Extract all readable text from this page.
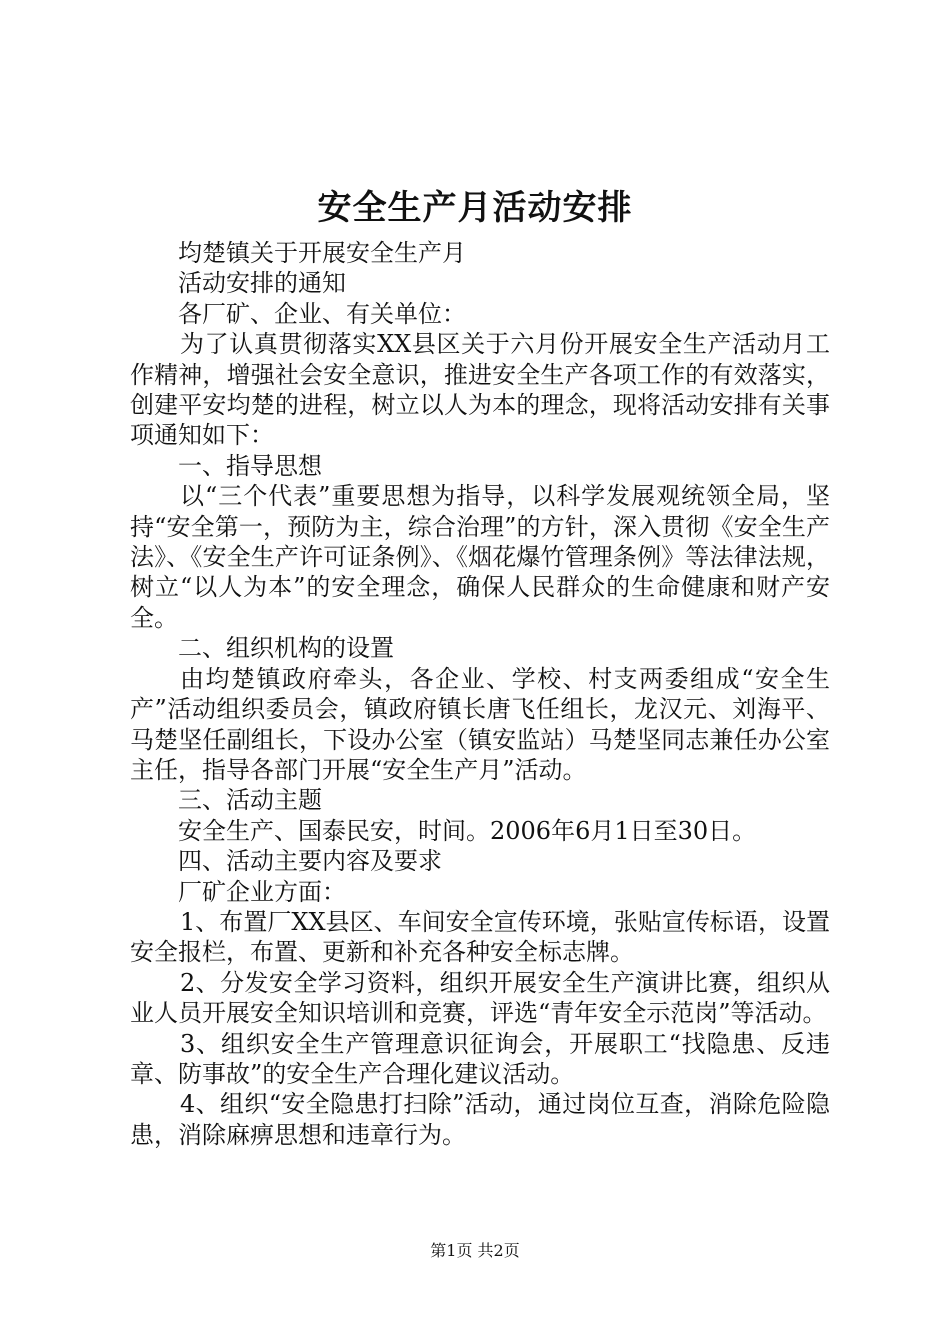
安全生产月活动安排

均楚镇关于开展安全生产月

活动安排的通知

各厂矿、企业、有关单位：

为了认真贯彻落实XX县区关于六月份开展安全生产活动月工作精神，增强社会安全意识，推进安全生产各项工作的有效落实，创建平安均楚的进程，树立以人为本的理念，现将活动安排有关事项通知如下：

一、指导思想

以“三个代表”重要思想为指导，以科学发展观统领全局，坚持“安全第一，预防为主，综合治理”的方针，深入贯彻《安全生产法》、《安全生产许可证条例》、《烟花爆竹管理条例》等法律法规，树立“以人为本”的安全理念，确保人民群众的生命健康和财产安全。

二、组织机构的设置

由均楚镇政府牵头，各企业、学校、村支两委组成“安全生产”活动组织委员会，镇政府镇长唐飞任组长，龙汉元、刘海平、马楚坚任副组长，下设办公室（镇安监站）马楚坚同志兼任办公室主任，指导各部门开展“安全生产月”活动。

三、活动主题

安全生产、国泰民安，时间。2006年6月1日至30日。

四、活动主要内容及要求

厂矿企业方面：

1、布置厂XX县区、车间安全宣传环境，张贴宣传标语，设置安全报栏，布置、更新和补充各种安全标志牌。

2、分发安全学习资料，组织开展安全生产演讲比赛，组织从业人员开展安全知识培训和竞赛，评选“青年安全示范岗”等活动。

3、组织安全生产管理意识征询会，开展职工“找隐患、反违章、防事故”的安全生产合理化建议活动。

4、组织“安全隐患打扫除”活动，通过岗位互查，消除危险隐患，消除麻痹思想和违章行为。

第1页 共2页
